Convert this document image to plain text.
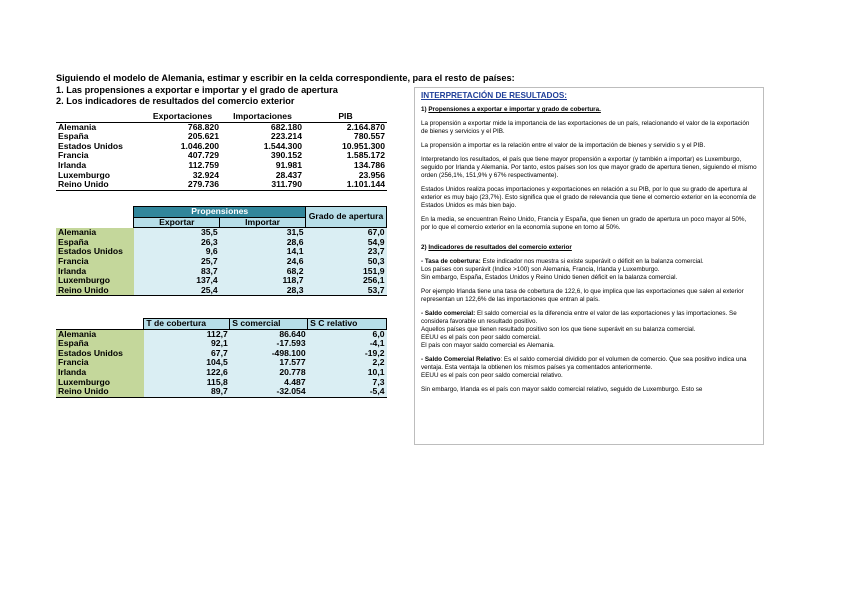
Siguiendo el modelo de Alemania, estimar y escribir en la celda correspondiente, para el resto de países:
1. Las propensiones a exportar e importar y el grado de apertura
2. Los indicadores de resultados del comercio exterior
	Exportaciones	Importaciones	PIB
Alemania	768.820	682.180	2.164.870
España	205.621	223.214	780.557
Estados Unidos	1.046.200	1.544.300	10.951.300
Francia	407.729	390.152	1.585.172
Irlanda	112.759	91.981	134.786
Luxemburgo	32.924	28.437	23.956
Reino Unido	279.736	311.790	1.101.144
	Propensiones		Grado de apertura
	Exportar	Importar	
Alemania	35,5	31,5	67,0
España	26,3	28,6	54,9
Estados Unidos	9,6	14,1	23,7
Francia	25,7	24,6	50,3
Irlanda	83,7	68,2	151,9
Luxemburgo	137,4	118,7	256,1
Reino Unido	25,4	28,3	53,7
	T de cobertura	S comercial	S C relativo
Alemania	112,7	86.640	6,0
España	92,1	-17.593	-4,1
Estados Unidos	67,7	-498.100	-19,2
Francia	104,5	17.577	2,2
Irlanda	122,6	20.778	10,1
Luxemburgo	115,8	4.487	7,3
Reino Unido	89,7	-32.054	-5,4
INTERPRETACIÓN DE RESULTADOS:

1) Propensiones a exportar e importar y grado de cobertura.

La propensión a exportar mide la importancia de las exportaciones de un país, relacionando el valor de la exportación de bienes y servicios y el PIB.

La propensión a importar es la relación entre el valor de la importación de bienes y servidio s y el PIB.

Interpretando los resultados, el país que tiene mayor propensión a exportar (y también a importar) es Luxemburgo, seguido por Irlanda y Alemania. Por tanto, estos países son los que mayor grado de apertura tienen, siguiendo el mismo orden (256,1%, 151,9% y 67% respectivamente).

Estados Unidos realiza pocas importaciones y exportaciones en relación a su PIB, por lo que su grado de apertura al exterior es muy bajo (23,7%). Esto significa que el grado de relevancia que tiene el comercio exterior en la economía de Estados Unidos es más bien bajo.

En la media, se encuentran Reino Unido, Francia y España, que tienen un grado de apertura un poco mayor al 50%, por lo que el comercio exterior en la economía supone en torno al 50%.

2) Indicadores de resultados del comercio exterior

- Tasa de cobertura: Este indicador nos muestra si existe superávit o déficit en la balanza comercial.
Los países con superávit (Indice >100) son Alemania, Francia, Irlanda y Luxemburgo.
Sin embargo, España, Estados Unidos y Reino Unido tienen déficit en la balanza comercial.

Por ejemplo Irlanda tiene una tasa de cobertura de 122,6, lo que implica que las exportaciones que salen al exterior representan un 122,6% de las importaciones que entran al país.

- Saldo comercial: El saldo comercial es la diferencia entre el valor de las exportaciones y las importaciones. Se considera favorable un resultado positivo.
Aquellos países que tienen resultado positivo son los que tiene superávit en su balanza comercial.
EEUU es el país con peor saldo comercial.
El país con mayor saldo comercial es Alemania.

- Saldo Comercial Relativo: Es el saldo comercial dividido por el volumen de comercio. Que sea positivo indica una ventaja. Esta ventaja la obtienen los mismos países ya comentados anteriormente.
EEUU es el país con peor saldo comercial relativo.

Sin embargo, Irlanda es el país con mayor saldo comercial relativo, seguido de Luxemburgo. Esto se
